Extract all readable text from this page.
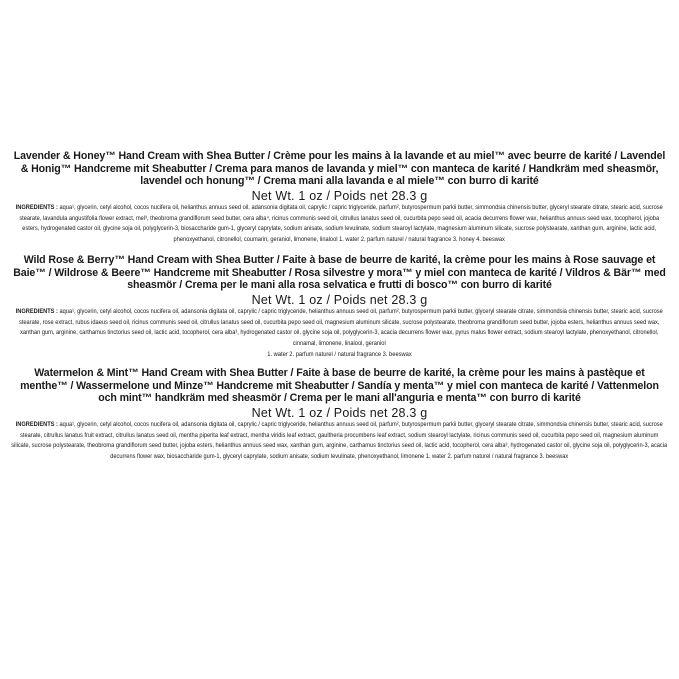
Lavender & Honey™ Hand Cream with Shea Butter / Crème pour les mains à la lavande et au miel™ avec beurre de karité / Lavendel & Honig™ Handcreme mit Sheabutter / Crema para manos de lavanda y miel™ con manteca de karité / Handkräm med sheasmör, lavendel och honung™ / Crema mani alla lavanda e al miele™ con burro di karité
Net Wt. 1 oz / Poids net 28.3 g
INGREDIENTS : aqua¹, glycerin, cetyl alcohol, cocos nucifera oil, helianthus annuus seed oil, adansonia digitata oil, caprylic / capric triglyceride, parfum², butyrospermum parkii butter, simmondsia chinensis butter, glyceryl stearate citrate, stearic acid, sucrose stearate, lavandula angustifolia flower extract, mel³, theobroma grandiflorum seed butter, cera alba⁴, ricinus communis seed oil, citrullus lanatus seed oil, cucurbita pepo seed oil, acacia decurrens flower wax, helianthus annuus seed wax, tocopherol, jojoba esters, hydrogenated castor oil, glycine soja oil, polyglycerin-3, biosaccharide gum-1, glyceryl caprylate, sodium anisate, sodium levulinate, sodium stearoyl lactylate, magnesium aluminum silicate, sucrose polystearate, xanthan gum, arginine, lactic acid, phenoxyethanol, citronellol, coumarin, geraniol, limonene, linalool 1. water 2. parfum naturel / natural fragrance 3. honey 4. beeswax
Wild Rose & Berry™ Hand Cream with Shea Butter / Faite à base de beurre de karité, la crème pour les mains à Rose sauvage et Baie™ / Wildrose & Beere™ Handcreme mit Sheabutter / Rosa silvestre y mora™ y miel con manteca de karité / Vildros & Bär™ med sheasmör / Crema per le mani alla rosa selvatica e frutti di bosco™ con burro di karité
Net Wt. 1 oz / Poids net 28.3 g
INGREDIENTS : aqua¹, glycerin, cetyl alcohol, cocos nucifera oil, adansonia digitata oil, caprylic / capric triglyceride, helianthus annuus seed oil, parfum², butyrospermum parkii butter, glyceryl stearate citrate, simmondsia chinensis butter, stearic acid, sucrose stearate, rose extract, rubus idaeus seed oil, ricinus communis seed oil, citrullus lanatus seed oil, cucurbita pepo seed oil, magnesium aluminum silicate, sucrose polystearate, theobroma grandiflorum seed butter, jojoba esters, helianthus annuus seed wax, xanthan gum, arginine, carthamus tinctorius seed oil, lactic acid, tocopherol, cera alba³, hydrogenated castor oil, glycine soja oil, polyglycerin-3, acacia decurrens flower wax, pyrus malus flower extract, sodium stearoyl lactylate, phenoxyethanol, citronellol, cinnamal, limonene, linalool, geraniol
1. water 2. parfum naturel / natural fragrance 3. beeswax
Watermelon & Mint™ Hand Cream with Shea Butter / Faite à base de beurre de karité, la crème pour les mains à pastèque et menthe™ / Wassermelone und Minze™ Handcreme mit Sheabutter / Sandía y menta™ y miel con manteca de karité / Vattenmelon och mint™ handkräm med sheasmör / Crema per le mani all'anguria e menta™ con burro di karité
Net Wt. 1 oz / Poids net 28.3 g
INGREDIENTS : aqua¹, glycerin, cetyl alcohol, cocos nucifera oil, adansonia digitata oil, caprylic / capric triglyceride, helianthus annuus seed oil, parfum², butyrospermum parkii butter, glyceryl stearate citrate, simmondsia chinensis butter, stearic acid, sucrose stearate, citrullus lanatus fruit extract, citrullus lanatus seed oil, mentha piperita leaf extract, mentha viridis leaf extract, gaultheria procumbens leaf extract, sodium stearoyl lactylate, ricinus communis seed oil, cucurbita pepo seed oil, magnesium aluminum silicate, sucrose polystearate, theobroma grandiflorum seed butter, jojoba esters, helianthus annuus seed wax, xanthan gum, arginine, carthamus tinctorius seed oil, lactic acid, tocopherol, cera alba³, hydrogenated castor oil, glycine soja oil, polyglycerin-3, acacia decurrens flower wax, biosaccharide gum-1, glyceryl caprylate, sodium anisate, sodium levulinate, phenoxyethanol, limonene 1. water 2. parfum naturel / natural fragrance 3. beeswax
